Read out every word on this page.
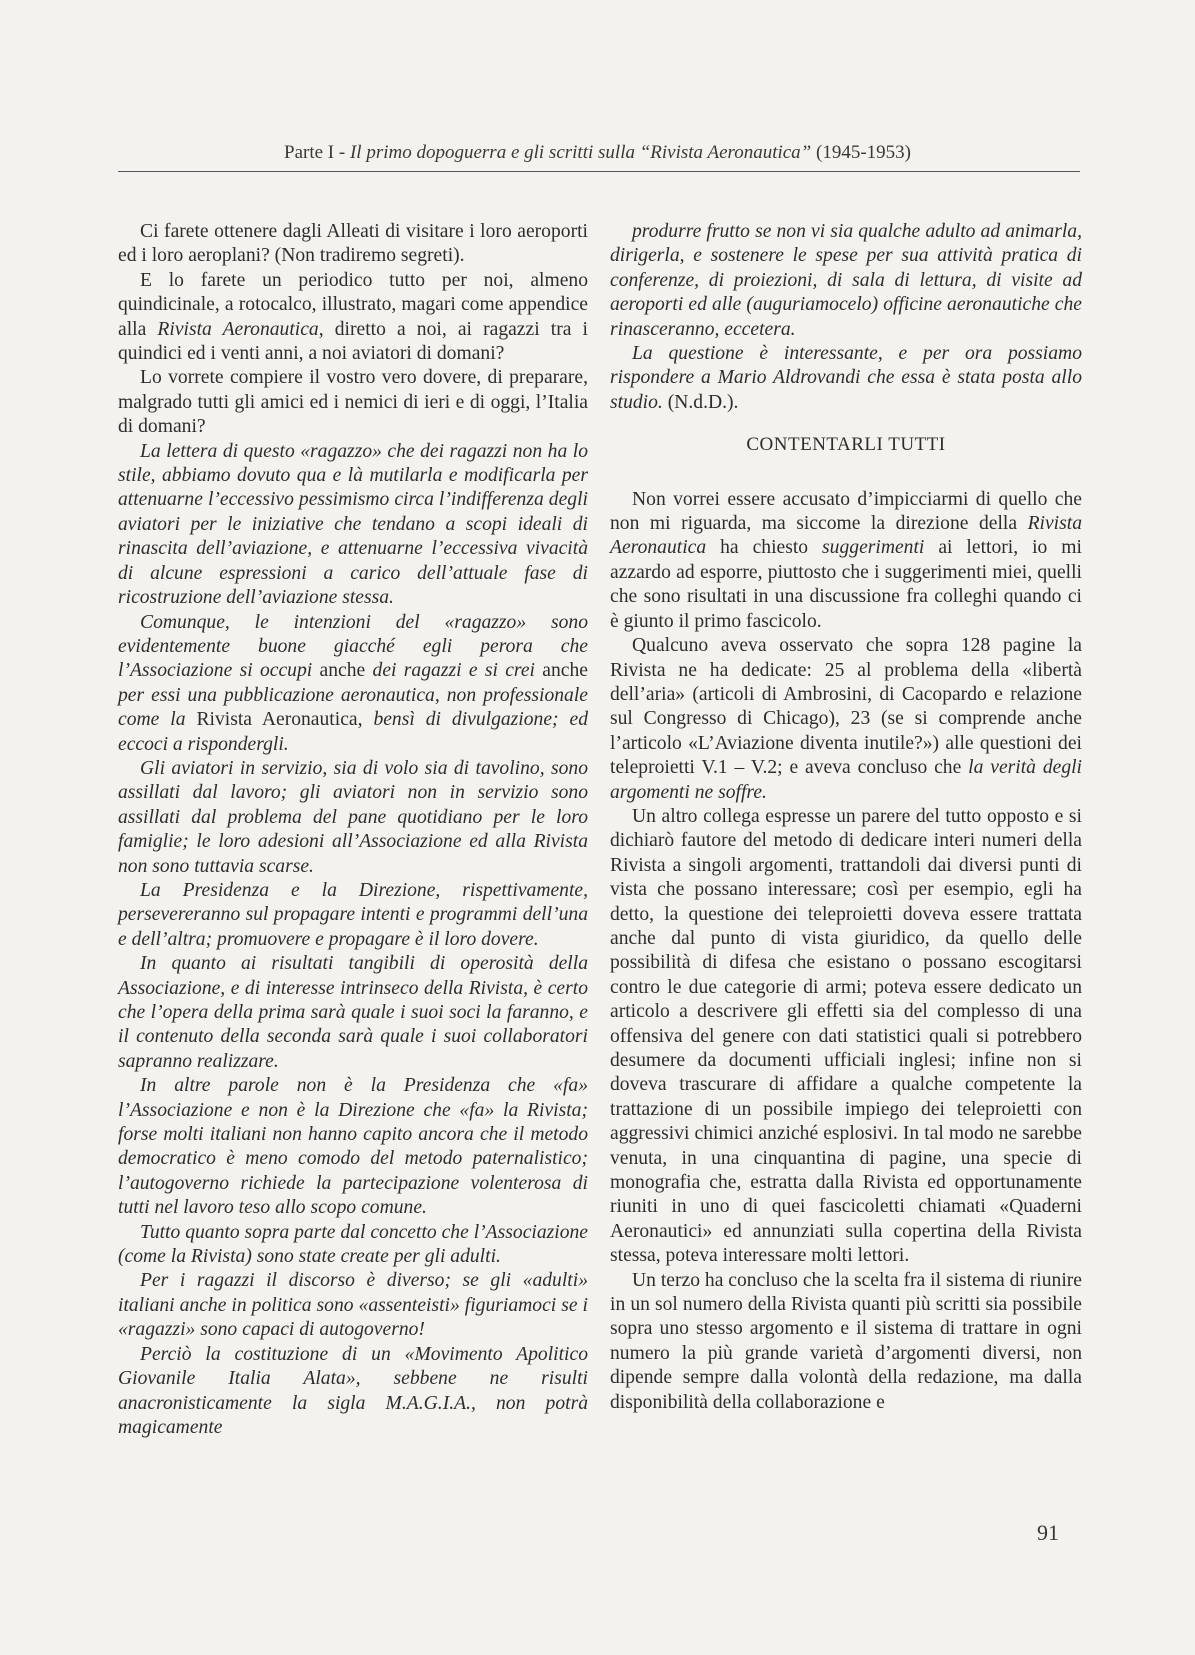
Parte I - Il primo dopoguerra e gli scritti sulla “Rivista Aeronautica” (1945-1953)

Ci farete ottenere dagli Alleati di visitare i loro aeroporti ed i loro aeroplani? (Non tradiremo segreti).

E lo farete un periodico tutto per noi, almeno quindicinale, a rotocalco, illustrato, magari come appendice alla Rivista Aeronautica, diretto a noi, ai ragazzi tra i quindici ed i venti anni, a noi aviatori di domani?

Lo vorrete compiere il vostro vero dovere, di preparare, malgrado tutti gli amici ed i nemici di ieri e di oggi, l’Italia di domani?

La lettera di questo «ragazzo» che dei ragazzi non ha lo stile, abbiamo dovuto qua e là mutilarla e modificarla per attenuarne l’eccessivo pessimismo circa l’indifferenza degli aviatori per le iniziative che tendano a scopi ideali di rinascita dell’aviazione, e attenuarne l’eccessiva vivacità di alcune espressioni a carico dell’attuale fase di ricostruzione dell’aviazione stessa.

Comunque, le intenzioni del «ragazzo» sono evidentemente buone giacché egli perora che l’Associazione si occupi anche dei ragazzi e si crei anche per essi una pubblicazione aeronautica, non professionale come la Rivista Aeronautica, bensì di divulgazione; ed eccoci a rispondergli.

Gli aviatori in servizio, sia di volo sia di tavolino, sono assillati dal lavoro; gli aviatori non in servizio sono assillati dal problema del pane quotidiano per le loro famiglie; le loro adesioni all’Associazione ed alla Rivista non sono tuttavia scarse.

La Presidenza e la Direzione, rispettivamente, persevereranno sul propagare intenti e programmi dell’una e dell’altra; promuovere e propagare è il loro dovere.

In quanto ai risultati tangibili di operosità della Associazione, e di interesse intrinseco della Rivista, è certo che l’opera della prima sarà quale i suoi soci la faranno, e il contenuto della seconda sarà quale i suoi collaboratori sapranno realizzare.

In altre parole non è la Presidenza che «fa» l’Associazione e non è la Direzione che «fa» la Rivista; forse molti italiani non hanno capito ancora che il metodo democratico è meno comodo del metodo paternalistico; l’autogoverno richiede la partecipazione volenterosa di tutti nel lavoro teso allo scopo comune.

Tutto quanto sopra parte dal concetto che l’Associazione (come la Rivista) sono state create per gli adulti.

Per i ragazzi il discorso è diverso; se gli «adulti» italiani anche in politica sono «assenteisti» figuriamoci se i «ragazzi» sono capaci di autogoverno!

Perciò la costituzione di un «Movimento Apolitico Giovanile Italia Alata», sebbene ne risulti anacronisticamente la sigla M.A.G.I.A., non potrà magicamente

produrre frutto se non vi sia qualche adulto ad animarla, dirigerla, e sostenere le spese per sua attività pratica di conferenze, di proiezioni, di sala di lettura, di visite ad aeroporti ed alle (auguriamocelo) officine aeronautiche che rinasceranno, eccetera.

La questione è interessante, e per ora possiamo rispondere a Mario Aldrovandi che essa è stata posta allo studio. (N.d.D.).

CONTENTARLI TUTTI

Non vorrei essere accusato d’impicciarmi di quello che non mi riguarda, ma siccome la direzione della Rivista Aeronautica ha chiesto suggerimenti ai lettori, io mi azzardo ad esporre, piuttosto che i suggerimenti miei, quelli che sono risultati in una discussione fra colleghi quando ci è giunto il primo fascicolo.

Qualcuno aveva osservato che sopra 128 pagine la Rivista ne ha dedicate: 25 al problema della «libertà dell’aria» (articoli di Ambrosini, di Cacopardo e relazione sul Congresso di Chicago), 23 (se si comprende anche l’articolo «L’Aviazione diventa inutile?») alle questioni dei teleproietti V.1 – V.2; e aveva concluso che la verità degli argomenti ne soffre.

Un altro collega espresse un parere del tutto opposto e si dichiarò fautore del metodo di dedicare interi numeri della Rivista a singoli argomenti, trattandoli dai diversi punti di vista che possano interessare; così per esempio, egli ha detto, la questione dei teleproietti doveva essere trattata anche dal punto di vista giuridico, da quello delle possibilità di difesa che esistano o possano escogitarsi contro le due categorie di armi; poteva essere dedicato un articolo a descrivere gli effetti sia del complesso di una offensiva del genere con dati statistici quali si potrebbero desumere da documenti ufficiali inglesi; infine non si doveva trascurare di affidare a qualche competente la trattazione di un possibile impiego dei teleproietti con aggressivi chimici anziché esplosivi. In tal modo ne sarebbe venuta, in una cinquantina di pagine, una specie di monografia che, estratta dalla Rivista ed opportunamente riuniti in uno di quei fascicoletti chiamati «Quaderni Aeronautici» ed annunziati sulla copertina della Rivista stessa, poteva interessare molti lettori.

Un terzo ha concluso che la scelta fra il sistema di riunire in un sol numero della Rivista quanti più scritti sia possibile sopra uno stesso argomento e il sistema di trattare in ogni numero la più grande varietà d’argomenti diversi, non dipende sempre dalla volontà della redazione, ma dalla disponibilità della collaborazione e

91
